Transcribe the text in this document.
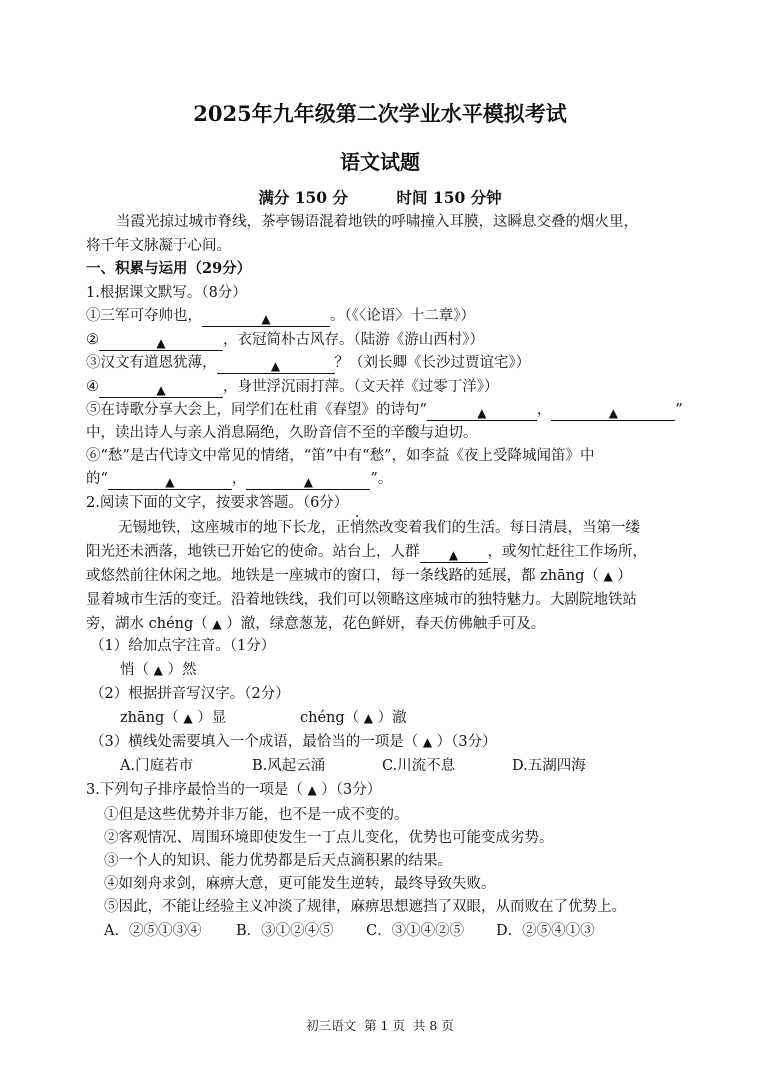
2025年九年级第二次学业水平模拟考试
语文试题
满分 150 分         时间 150 分钟
当霞光掠过城市脊线，茶亭锡语混着地铁的呼啸撞入耳膜，这瞬息交叠的烟火里，
将千年文脉凝于心间。
一、积累与运用（29分）
1.根据课文默写。（8分）
①三军可夺帅也，	▲	。（《〈论语〉十二章》）
②	▲	，衣冠简朴古风存。（陆游《游山西村》）
③汉文有道恩犹薄，	▲	？（刘长卿《长沙过贾谊宅》）
④	▲	，身世浮沉雨打萍。（文天祥《过零丁洋》）
⑤在诗歌分享大会上，同学们在杜甫《春望》的诗句“	▲	，	▲	”
中，读出诗人与亲人消息隔绝，久盼音信不至的辛酸与迫切。
⑥“愁”是古代诗文中常见的情绪，“笛”中有“愁”，如李益《夜上受降城闻笛》中
的“	▲	，	▲	”。
2.阅读下面的文字，按要求答题。（6分）
无锡地铁，这座城市的地下长龙，正悄 ·然改变着我们的生活。每日清晨，当第一缕
阳光还未洒落，地铁已开始它的使命。站台上，人群 ▲ ，或匆忙赶往工作场所，
或悠然前往休闲之地。地铁是一座城市的窗口，每一条线路的延展，都 zhāng（ ▲ ）
显着城市生活的变迁。沿着地铁线，我们可以领略这座城市的独特魅力。大剧院地铁站
旁，湖水 chéng（ ▲ ）澈，绿意葱茏，花色鲜妍，春天仿佛触手可及。
（1）给加点字注音。（1分）
悄（ ▲ ）然
（2）根据拼音写汉字。（2分）
zhāng（ ▲ ）显	chéng（ ▲ ）澈
（3）横线处需要填入一个成语，最恰当的一项是（ ▲ ）（3分）
A.门庭若市	B.风起云涌	C.川流不息	D.五湖四海
3.下列句子排序最恰当的一项是（ ▲ ）（3分）
①但是这些优势并非万能，也不是一成不变的。
②客观情况、周围环境即使发生一丁点儿变化，优势也可能变成劣势。
③一个人的知识、能力优势都是后天点滴积累的结果。
④如刻舟求剑，麻痹大意，更可能发生逆转，最终导致失败。
⑤因此，不能让经验主义冲淡了规律，麻痹思想遮挡了双眼，从而败在了优势上。
A．②⑤①③④ B．③①②④⑤ C．③①④②⑤ D．②⑤④①③
初三语文  第 1 页  共 8 页
